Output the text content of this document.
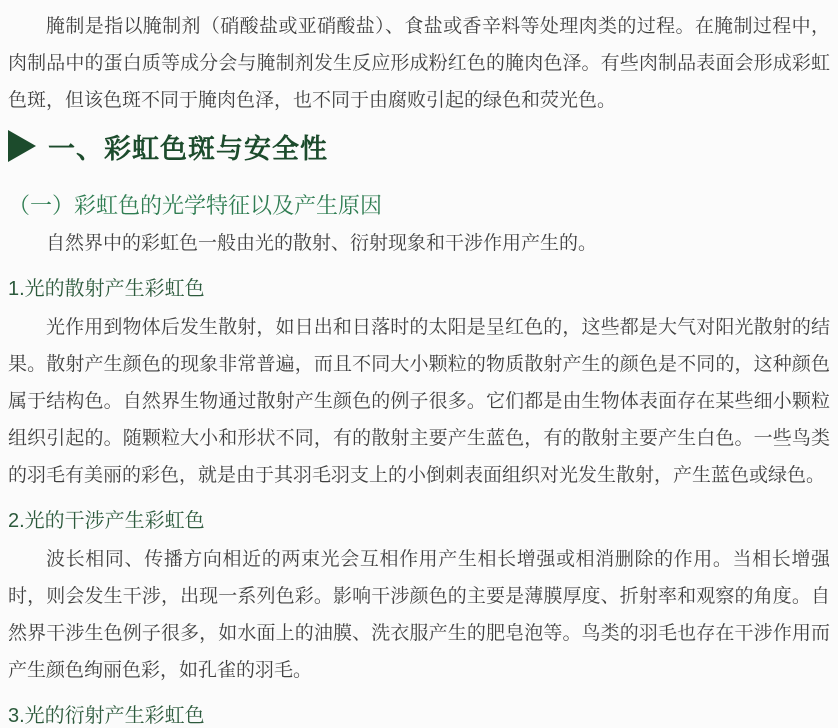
腌制是指以腌制剂（硝酸盐或亚硝酸盐）、食盐或香辛料等处理肉类的过程。在腌制过程中，肉制品中的蛋白质等成分会与腌制剂发生反应形成粉红色的腌肉色泽。有些肉制品表面会形成彩虹色斑，但该色斑不同于腌肉色泽，也不同于由腐败引起的绿色和荧光色。

一、彩虹色斑与安全性
（一）彩虹色的光学特征以及产生原因

自然界中的彩虹色一般由光的散射、衍射现象和干涉作用产生的。

1.光的散射产生彩虹色

光作用到物体后发生散射，如日出和日落时的太阳是呈红色的，这些都是大气对阳光散射的结果。散射产生颜色的现象非常普遍，而且不同大小颗粒的物质散射产生的颜色是不同的，这种颜色属于结构色。自然界生物通过散射产生颜色的例子很多。它们都是由生物体表面存在某些细小颗粒组织引起的。随颗粒大小和形状不同，有的散射主要产生蓝色，有的散射主要产生白色。一些鸟类的羽毛有美丽的彩色，就是由于其羽毛羽支上的小倒刺表面组织对光发生散射，产生蓝色或绿色。

2.光的干涉产生彩虹色

波长相同、传播方向相近的两束光会互相作用产生相长增强或相消删除的作用。当相长增强时，则会发生干涉，出现一系列色彩。影响干涉颜色的主要是薄膜厚度、折射率和观察的角度。自然界干涉生色例子很多，如水面上的油膜、洗衣服产生的肥皂泡等。鸟类的羽毛也存在干涉作用而产生颜色绚丽色彩，如孔雀的羽毛。

3.光的衍射产生彩虹色
